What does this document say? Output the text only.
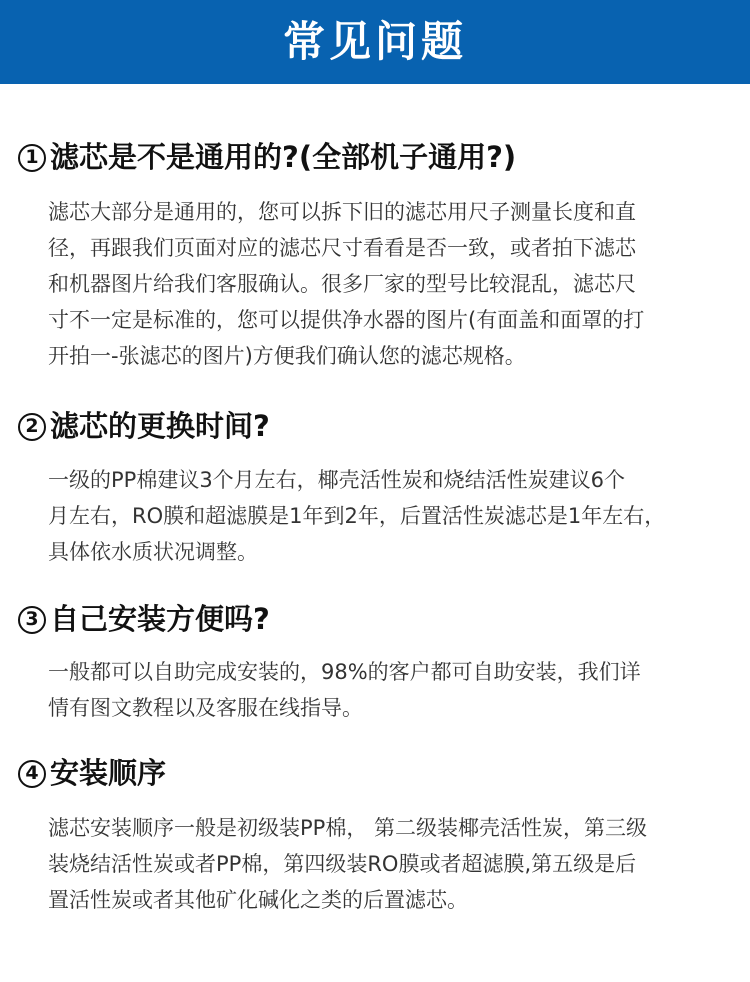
常见问题
1 滤芯是不是通用的?(全部机子通用?)
滤芯大部分是通用的，您可以拆下旧的滤芯用尺子测量长度和直
径，再跟我们页面对应的滤芯尺寸看看是否一致，或者拍下滤芯
和机器图片给我们客服确认。很多厂家的型号比较混乱，滤芯尺
寸不一定是标准的，您可以提供净水器的图片(有面盖和面罩的打
开拍一-张滤芯的图片)方便我们确认您的滤芯规格。
2 滤芯的更换时间?
一级的PP棉建议3个月左右，椰壳活性炭和烧结活性炭建议6个
月左右，RO膜和超滤膜是1年到2年，后置活性炭滤芯是1年左右，
具体依水质状况调整。
3 自己安装方便吗?
一般都可以自助完成安装的，98%的客户都可自助安装，我们详
情有图文教程以及客服在线指导。
4 安装顺序
滤芯安装顺序一般是初级装PP棉， 第二级装椰壳活性炭，第三级
装烧结活性炭或者PP棉，第四级装RO膜或者超滤膜,第五级是后
置活性炭或者其他矿化碱化之类的后置滤芯。
